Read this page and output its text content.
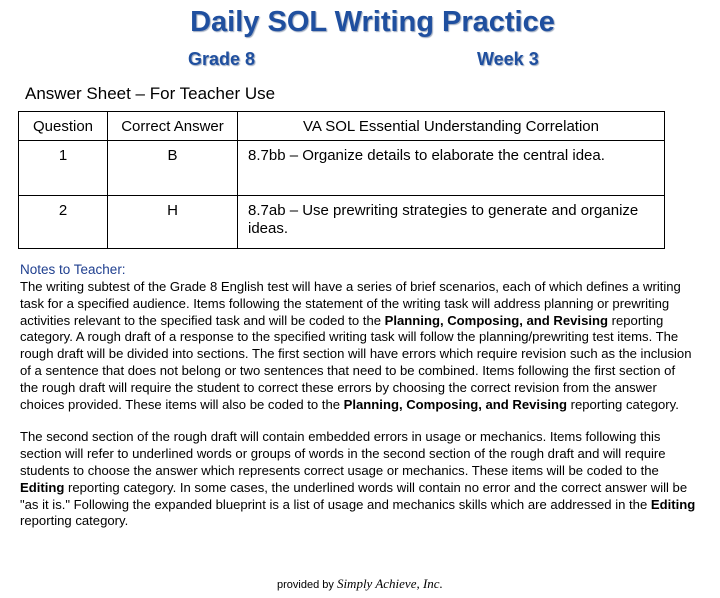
Daily SOL Writing Practice
Grade 8	Week 3
Answer Sheet – For Teacher Use
Question	Correct Answer	VA SOL Essential Understanding Correlation
1	B	8.7bb – Organize details to elaborate the central idea.
2	H	8.7ab – Use prewriting strategies to generate and organize ideas.
Notes to Teacher:

The writing subtest of the Grade 8 English test will have a series of brief scenarios, each of which defines a writing task for a specified audience. Items following the statement of the writing task will address planning or prewriting activities relevant to the specified task and will be coded to the Planning, Composing, and Revising reporting category. A rough draft of a response to the specified writing task will follow the planning/prewriting test items. The rough draft will be divided into sections. The first section will have errors which require revision such as the inclusion of a sentence that does not belong or two sentences that need to be combined. Items following the first section of the rough draft will require the student to correct these errors by choosing the correct revision from the answer choices provided. These items will also be coded to the Planning, Composing, and Revising reporting category.

The second section of the rough draft will contain embedded errors in usage or mechanics. Items following this section will refer to underlined words or groups of words in the second section of the rough draft and will require students to choose the answer which represents correct usage or mechanics. These items will be coded to the Editing reporting category. In some cases, the underlined words will contain no error and the correct answer will be "as it is." Following the expanded blueprint is a list of usage and mechanics skills which are addressed in the Editing reporting category.

provided by Simply Achieve, Inc.
